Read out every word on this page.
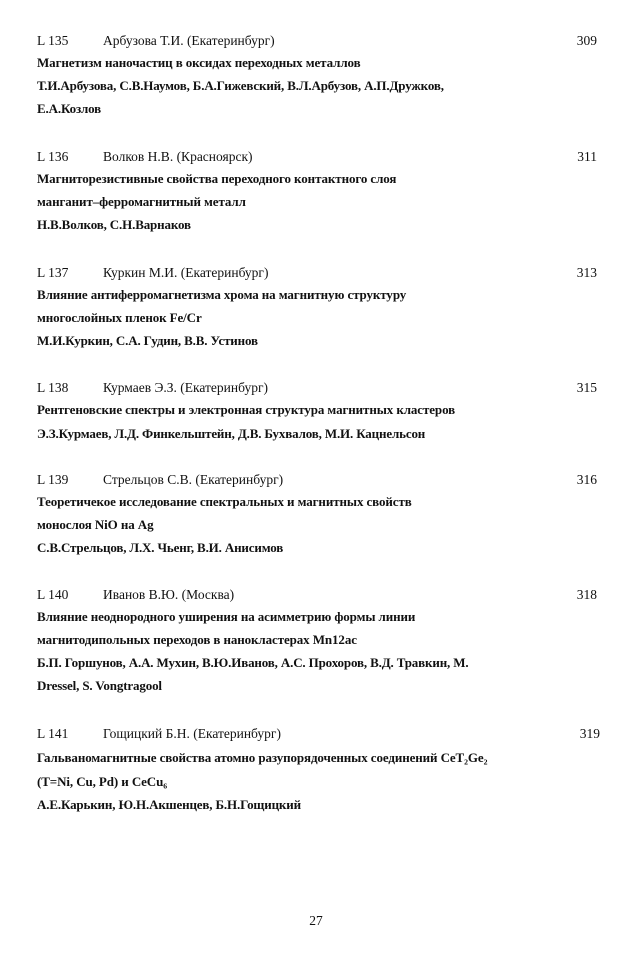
L 135	Арбузова Т.И. (Екатеринбург)	309
Магнетизм наночастиц в оксидах переходных металлов
Т.И.Арбузова, С.В.Наумов, Б.А.Гижевский, В.Л.Арбузов, А.П.Дружков,
Е.А.Козлов
L 136	Волков Н.В. (Красноярск)	311
Магниторезистивные свойства переходного контактного слоя
манганит–ферромагнитный металл
Н.В.Волков, С.Н.Варнаков
L 137	Куркин М.И. (Екатеринбург)	313
Влияние антиферромагнетизма хрома на магнитную структуру
многослойных пленок Fe/Cr
М.И.Куркин, С.А. Гудин, В.В. Устинов
L 138	Курмаев Э.З. (Екатеринбург)	315
Рентгеновские спектры и электронная структура магнитных кластеров
Э.З.Курмаев, Л.Д. Финкельштейн, Д.В. Бухвалов, М.И. Кацнельсон
L 139	Стрельцов С.В. (Екатеринбург)	316
Теоретичекое исследование спектральных и магнитных свойств
монослоя NiO на Ag
С.В.Стрельцов, Л.Х. Чьенг, В.И. Анисимов
L 140	Иванов В.Ю. (Москва)	318
Влияние неоднородного уширения на асимметрию формы линии
магнитодипольных переходов в нанокластерах Mn12ac
Б.П. Горшунов, А.А. Мухин, В.Ю.Иванов, А.С. Прохоров, В.Д. Травкин, М.
Dressel, S. Vongtragool
L 141	Гощицкий Б.Н. (Екатеринбург)	319
Гальваномагнитные свойства атомно разупорядоченных соединений CeT₂Ge₂
(T=Ni, Cu, Pd) и CeCu₆
А.Е.Карькин, Ю.Н.Акшенцев, Б.Н.Гощицкий
27
